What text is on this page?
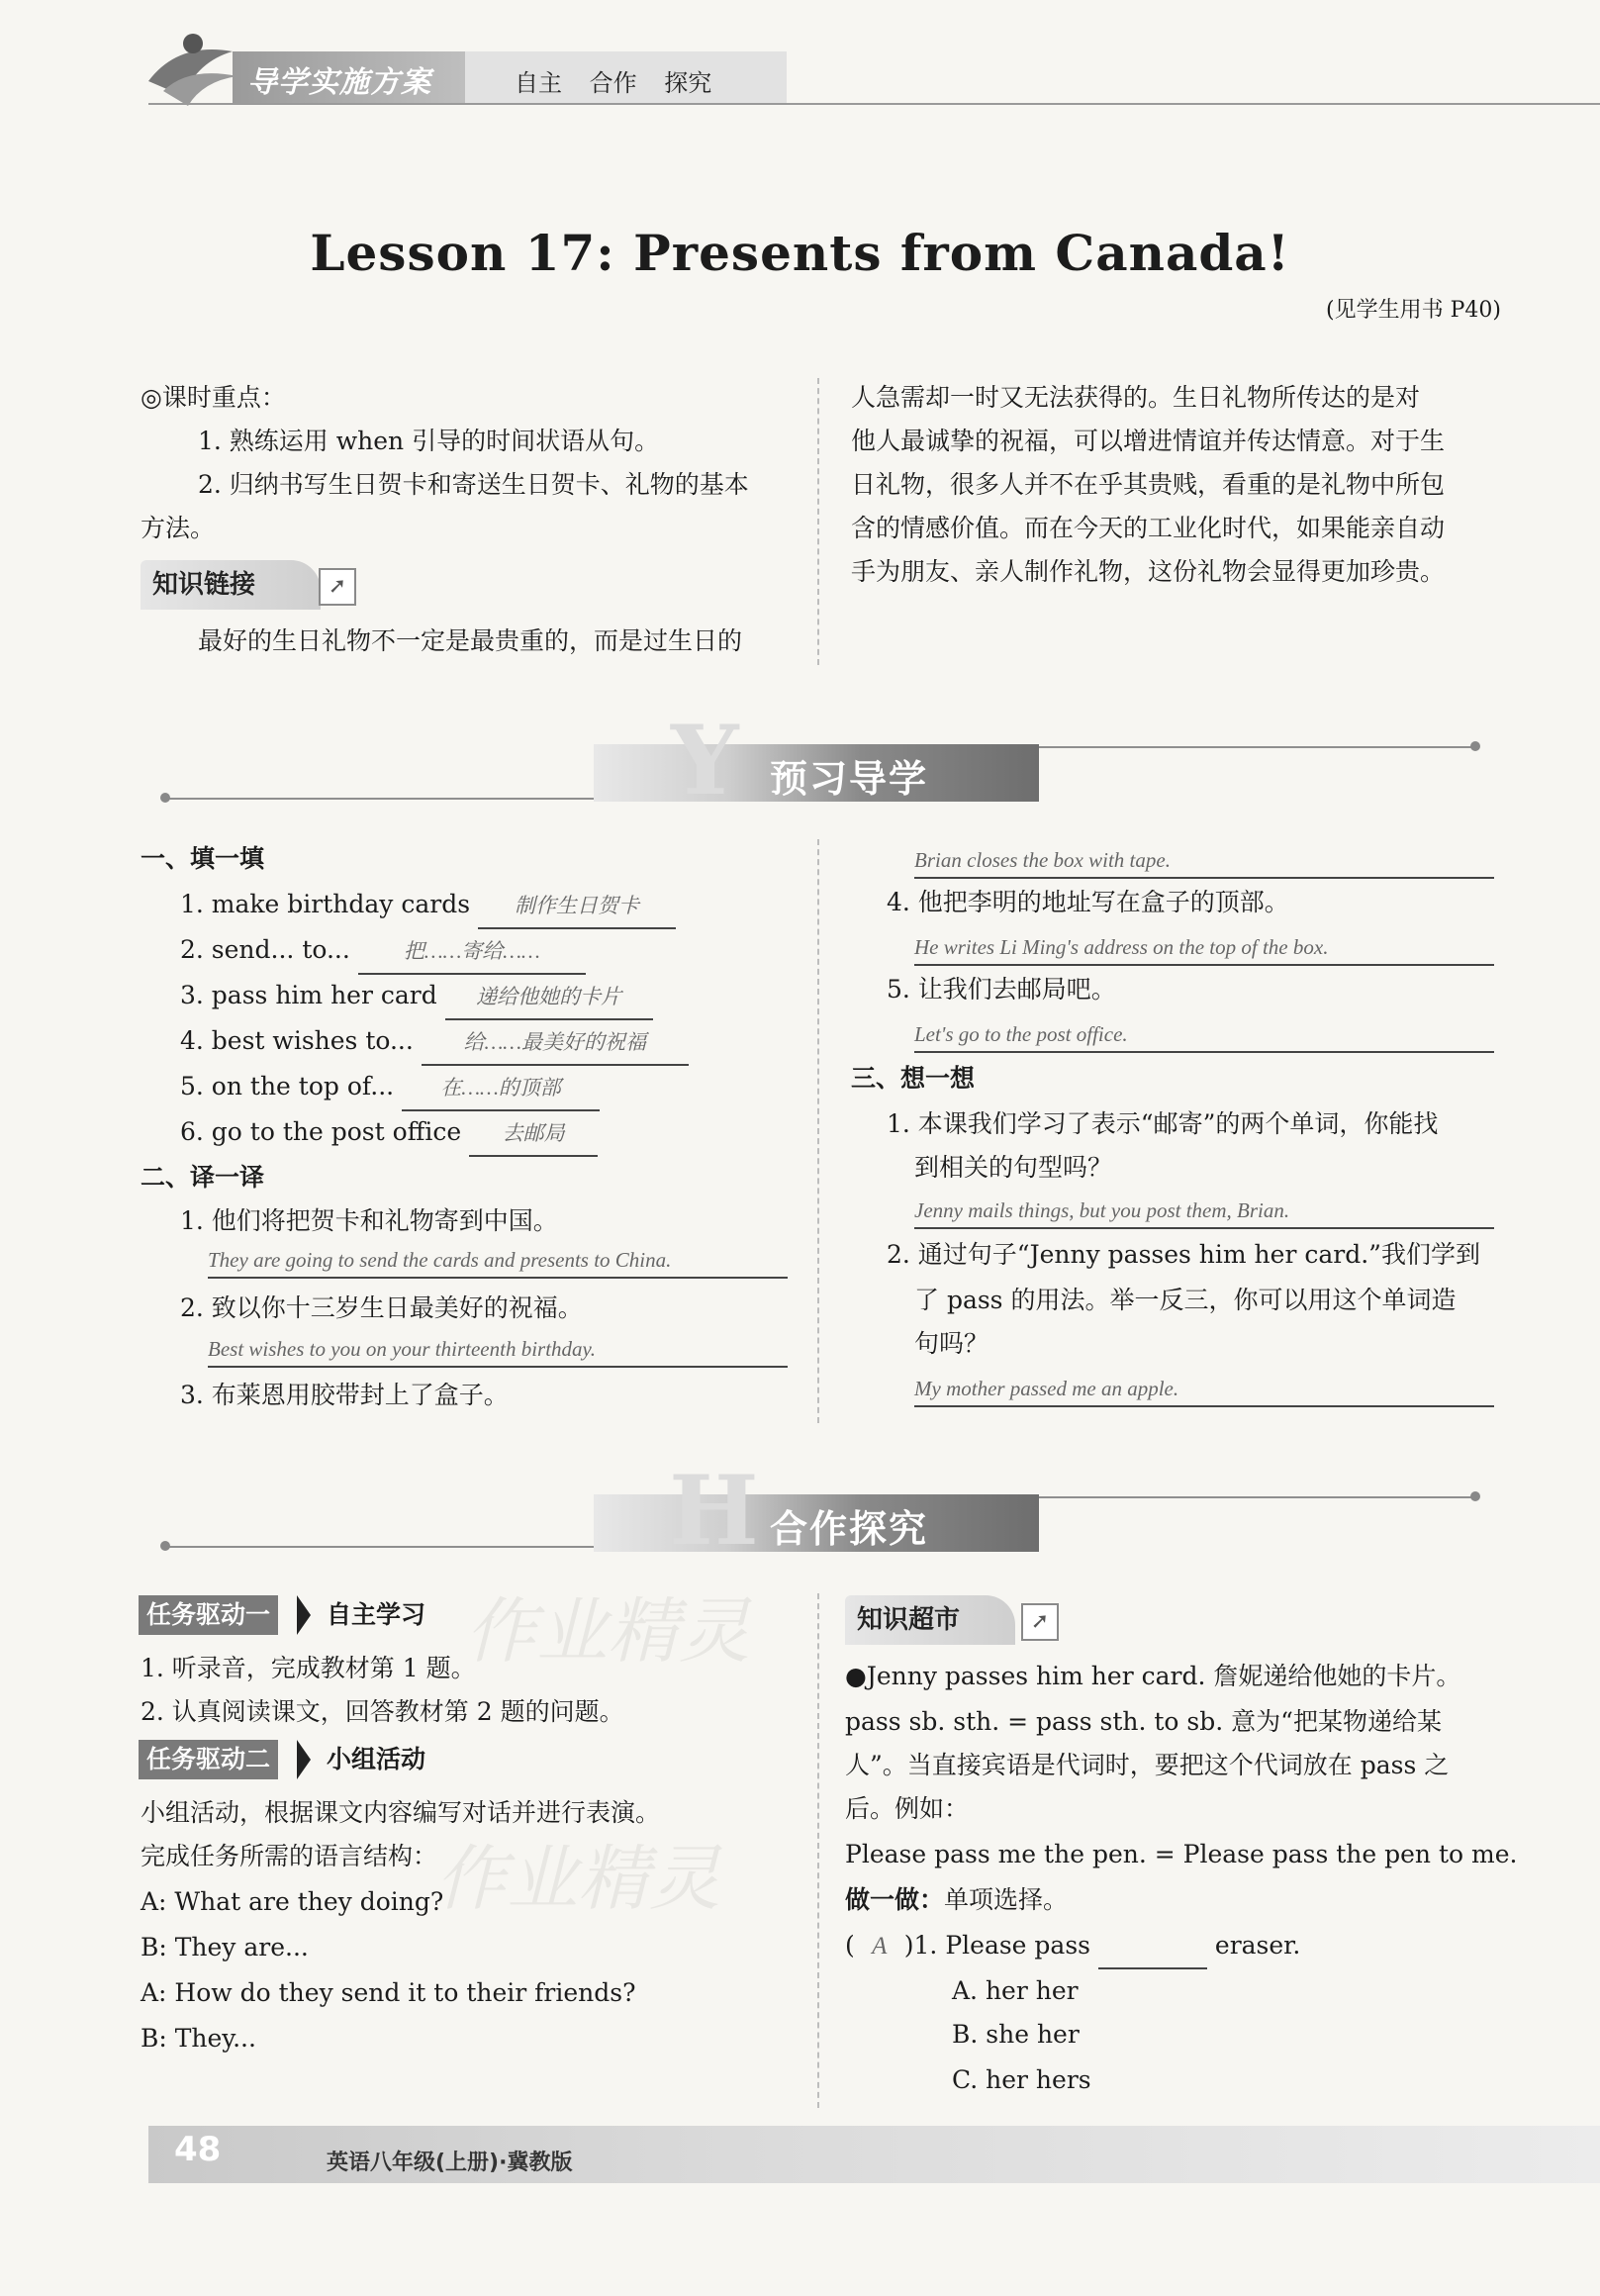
导学实施方案	自主 合作 探究
Lesson 17: Presents from Canada!
(见学生用书 P40)
◎课时重点：
1. 熟练运用 when 引导的时间状语从句。
2. 归纳书写生日贺卡和寄送生日贺卡、礼物的基本
方法。
知识链接	➚
最好的生日礼物不一定是最贵重的，而是过生日的
人急需却一时又无法获得的。生日礼物所传达的是对
他人最诚挚的祝福，可以增进情谊并传达情意。对于生
日礼物，很多人并不在乎其贵贱，看重的是礼物中所包
含的情感价值。而在今天的工业化时代，如果能亲自动
手为朋友、亲人制作礼物，这份礼物会显得更加珍贵。
Y 预习导学
一、填一填
1. make birthday cards 制作生日贺卡
2. send... to...	把……寄给……
3. pass him her card 递给他她的卡片
4. best wishes to... 给……最美好的祝福
5. on the top of... 在……的顶部
6. go to the post office 去邮局
二、译一译
1. 他们将把贺卡和礼物寄到中国。
They are going to send the cards and presents to China.
2. 致以你十三岁生日最美好的祝福。
Best wishes to you on your thirteenth birthday.
3. 布莱恩用胶带封上了盒子。
Brian closes the box with tape.
4. 他把李明的地址写在盒子的顶部。
He writes Li Ming's address on the top of the box.
5. 让我们去邮局吧。
Let's go to the post office.
三、想一想
1. 本课我们学习了表示“邮寄”的两个单词，你能找
到相关的句型吗？
Jenny mails things, but you post them, Brian.
2. 通过句子“Jenny passes him her card.”我们学到
了 pass 的用法。举一反三，你可以用这个单词造
句吗？
My mother passed me an apple.
H 合作探究
任务驱动一	自主学习
1. 听录音，完成教材第 1 题。
2. 认真阅读课文，回答教材第 2 题的问题。
任务驱动二	小组活动
小组活动，根据课文内容编写对话并进行表演。
完成任务所需的语言结构：
A: What are they doing?
B: They are...
A: How do they send it to their friends?
B: They...
作业精灵
作业精灵
知识超市	➚
●Jenny passes him her card. 詹妮递给他她的卡片。
pass sb. sth. = pass sth. to sb. 意为“把某物递给某
人”。当直接宾语是代词时，要把这个代词放在 pass 之
后。例如：
Please pass me the pen. = Please pass the pen to me.
做一做：单项选择。
( A )1. Please pass	eraser.
A. her her
B. she her
C. her hers
48	英语八年级(上册)·冀教版
